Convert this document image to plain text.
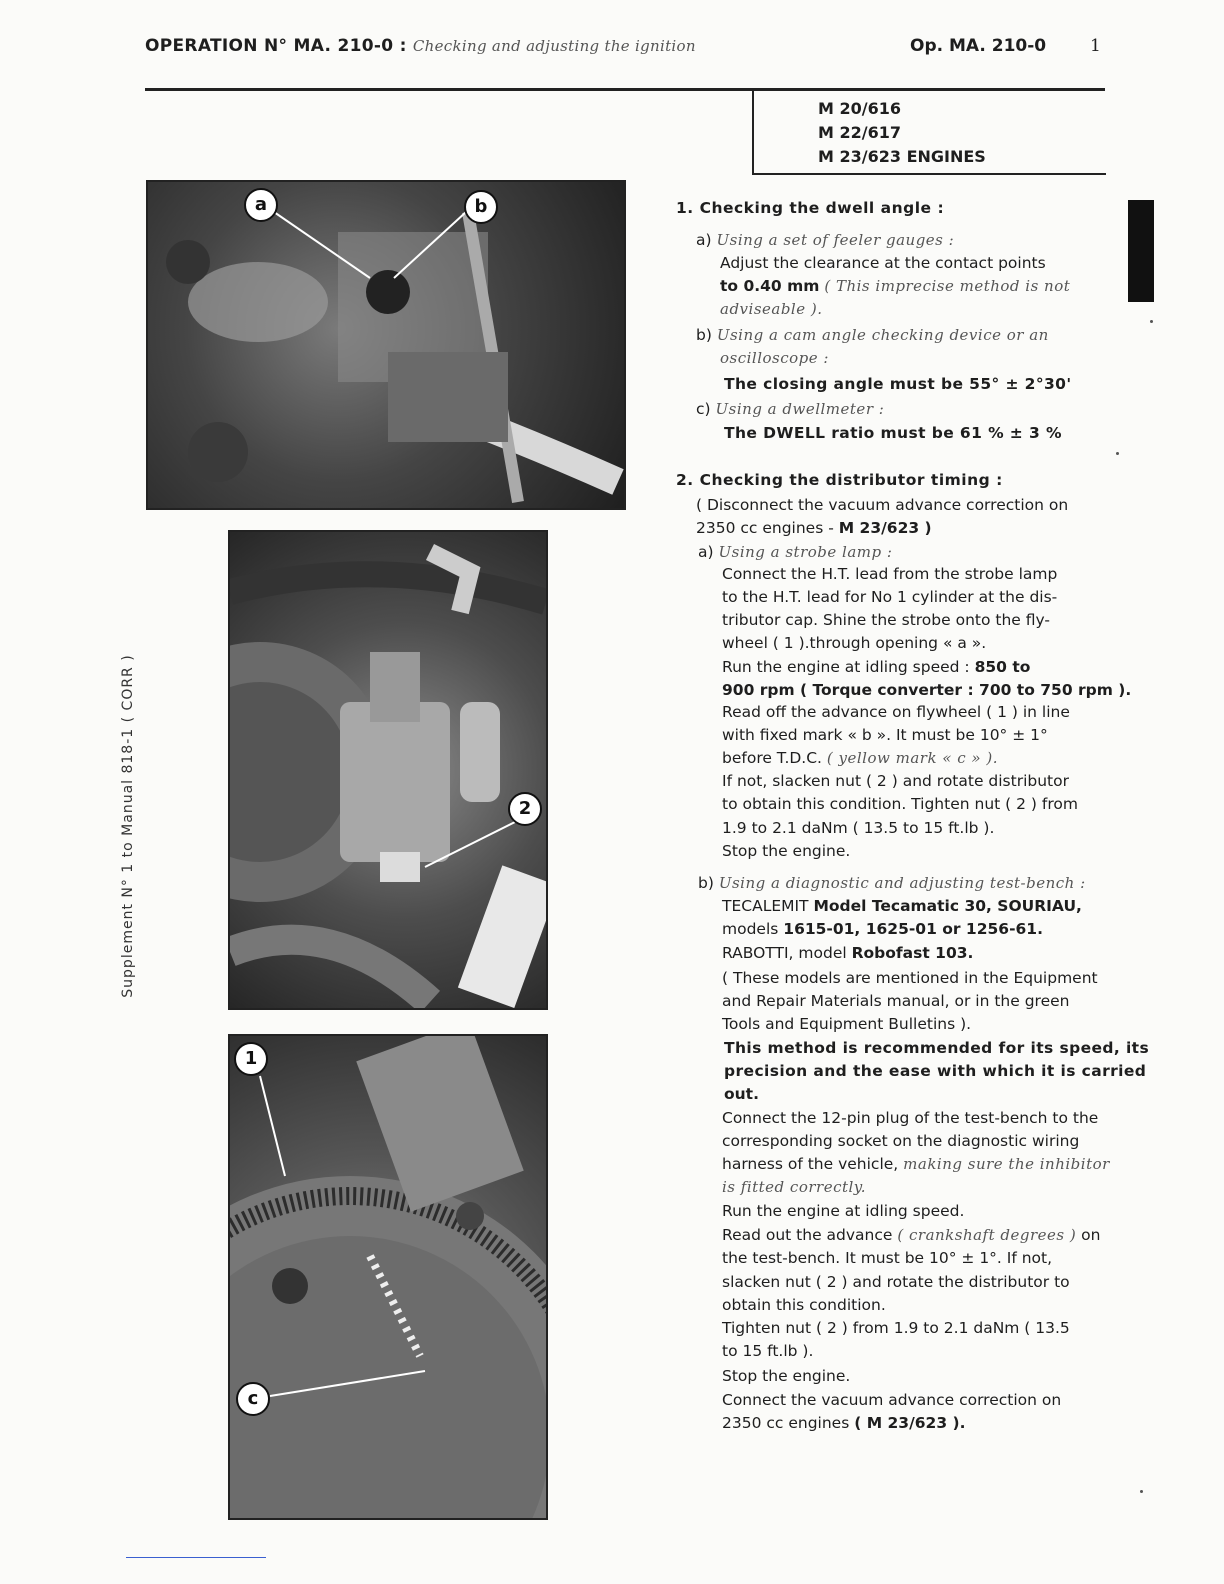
OPERATION N° MA. 210-0 : Checking and adjusting the ignition	Op. MA. 210-0	1
M 20/616
M 22/617
M 23/623 ENGINES
Supplement N° 1 to Manual 818-1 ( CORR )
a	b
2
1
c
1. Checking the dwell angle :
a) Using a set of feeler gauges :
Adjust the clearance at the contact points
to 0.40 mm ( This imprecise method is not
adviseable ).
b) Using a cam angle checking device or an
oscilloscope :
The closing angle must be 55° ± 2°30'
c) Using a dwellmeter :
The DWELL ratio must be 61 % ± 3 %
2. Checking the distributor timing :
( Disconnect the vacuum advance correction on
2350 cc engines - M 23/623 )
a) Using a strobe lamp :
Connect the H.T. lead from the strobe lamp
to the H.T. lead for No 1 cylinder at the dis-
tributor cap. Shine the strobe onto the fly-
wheel ( 1 ).through opening « a ».
Run the engine at idling speed : 850 to
900 rpm ( Torque converter : 700 to 750 rpm ).
Read off the advance on flywheel ( 1 ) in line
with fixed mark « b ». It must be 10° ± 1°
before T.D.C. ( yellow mark « c » ).
If not, slacken nut ( 2 ) and rotate distributor
to obtain this condition. Tighten nut ( 2 ) from
1.9 to 2.1 daNm ( 13.5 to 15 ft.lb ).
Stop the engine.
b) Using a diagnostic and adjusting test-bench :
TECALEMIT Model Tecamatic 30, SOURIAU,
models 1615-01, 1625-01 or 1256-61.
RABOTTI, model Robofast 103.
( These models are mentioned in the Equipment
and Repair Materials manual, or in the green
Tools and Equipment Bulletins ).
This method is recommended for its speed, its
precision and the ease with which it is carried
out.
Connect the 12-pin plug of the test-bench to the
corresponding socket on the diagnostic wiring
harness of the vehicle, making sure the inhibitor
is fitted correctly.
Run the engine at idling speed.
Read out the advance ( crankshaft degrees ) on
the test-bench. It must be 10° ± 1°. If not,
slacken nut ( 2 ) and rotate the distributor to
obtain this condition.
Tighten nut ( 2 ) from 1.9 to 2.1 daNm ( 13.5
to 15 ft.lb ).
Stop the engine.
Connect the vacuum advance correction on
2350 cc engines ( M 23/623 ).
